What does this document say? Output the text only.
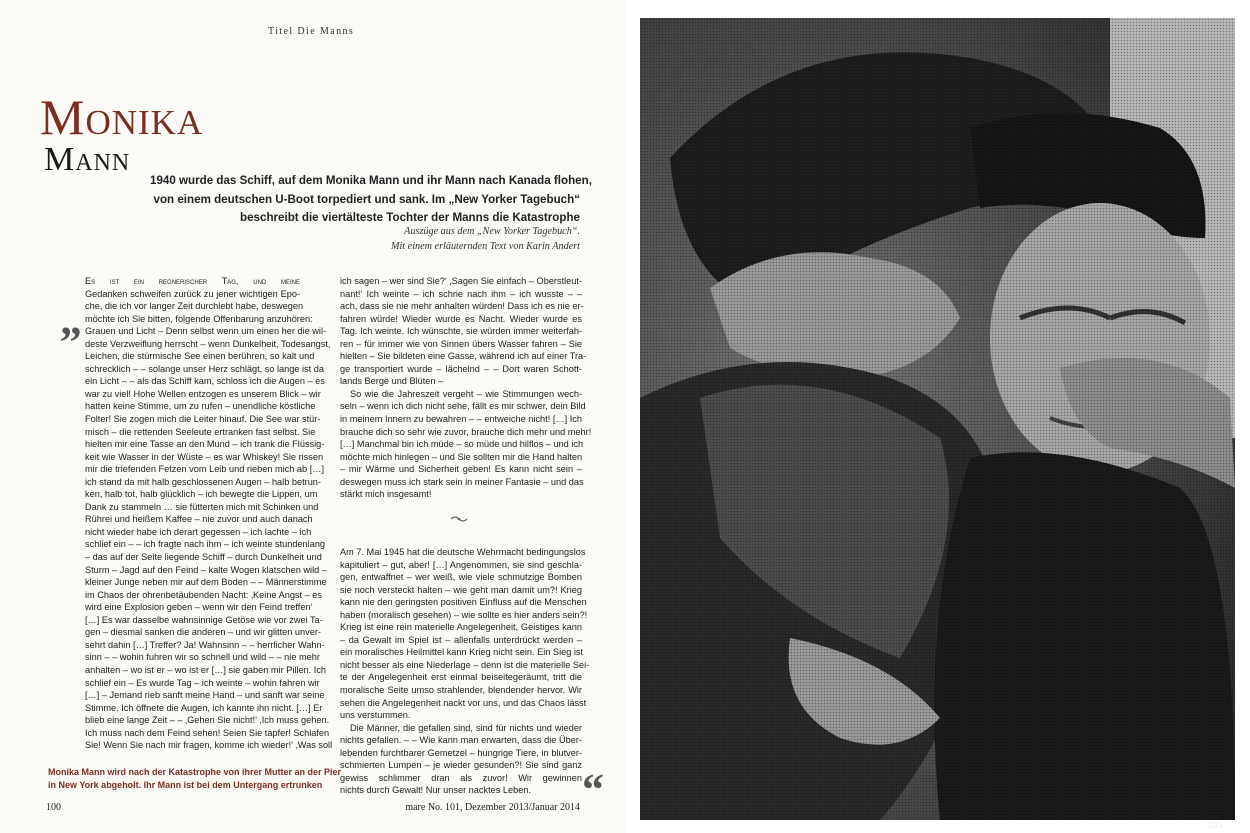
Titel Die Manns
Monika
Mann
1940 wurde das Schiff, auf dem Monika Mann und ihr Mann nach Kanada flohen,
von einem deutschen U-Boot torpediert und sank. Im „New Yorker Tagebuch“
beschreibt die viertälteste Tochter der Manns die Katastrophe
Auszüge aus dem „New Yorker Tagebuch“.
Mit einem erläuternden Text von Karin Andert
„
Es ist ein regnerischer Tag, und meine
Gedanken schweifen zurück zu jener wichtigen Epo-
che, die ich vor langer Zeit durchlebt habe, deswegen
möchte ich Sie bitten, folgende Offenbarung anzuhören:
Grauen und Licht – Denn selbst wenn um einen her die wil-
deste Verzweiflung herrscht – wenn Dunkelheit, Todesangst,
Leichen, die stürmische See einen berühren, so kalt und
schrecklich – – solange unser Herz schlägt, so lange ist da
ein Licht – – als das Schiff kam, schloss ich die Augen – es
war zu viel! Hohe Wellen entzogen es unserem Blick – wir
hatten keine Stimme, um zu rufen – unendliche köstliche
Folter! Sie zogen mich die Leiter hinauf. Die See war stür-
misch – die rettenden Seeleute ertranken fast selbst. Sie
hielten mir eine Tasse an den Mund – ich trank die Flüssig-
keit wie Wasser in der Wüste – es war Whiskey! Sie rissen
mir die triefenden Fetzen vom Leib und rieben mich ab […]
ich stand da mit halb geschlossenen Augen – halb betrun-
ken, halb tot, halb glücklich – ich bewegte die Lippen, um
Dank zu stammeln … sie fütterten mich mit Schinken und
Rührei und heißem Kaffee – nie zuvor und auch danach
nicht wieder habe ich derart gegessen – ich lachte – ich
schlief ein – – ich fragte nach ihm – ich weinte stundenlang
– das auf der Seite liegende Schiff – durch Dunkelheit und
Sturm – Jagd auf den Feind – kalte Wogen klatschen wild –
kleiner Junge neben mir auf dem Boden – – Männerstimme
im Chaos der ohrenbetäubenden Nacht: ‚Keine Angst – es
wird eine Explosion geben – wenn wir den Feind treffen‘
[…] Es war dasselbe wahnsinnige Getöse wie vor zwei Ta-
gen – diesmal sanken die anderen – und wir glitten unver-
sehrt dahin […] Treffer? Ja! Wahnsinn – – herrlicher Wahn-
sinn – – wohin fuhren wir so schnell und wild – – nie mehr
anhalten – wo ist er – wo ist er […] sie gaben mir Pillen. Ich
schlief ein – Es wurde Tag – ich weinte – wohin fahren wir
[…] – Jemand rieb sanft meine Hand – und sanft war seine
Stimme. Ich öffnete die Augen, ich kannte ihn nicht. […] Er
blieb eine lange Zeit – – ‚Gehen Sie nicht!‘ ‚Ich muss gehen.
Ich muss nach dem Feind sehen! Seien Sie tapfer! Schlafen
Sie! Wenn Sie nach mir fragen, komme ich wieder!‘ ‚Was soll
ich sagen – wer sind Sie?‘ ‚Sagen Sie einfach – Oberstleut-
nant!‘ Ich weinte – ich schrie nach ihm – ich wusste – –
ach, dass sie nie mehr anhalten würden! Dass ich es nie er-
fahren würde! Wieder wurde es Nacht. Wieder wurde es
Tag. Ich weinte. Ich wünschte, sie würden immer weiterfah-
ren – für immer wie von Sinnen übers Wasser fahren – Sie
hielten – Sie bildeten eine Gasse, während ich auf einer Tra-
ge transportiert wurde – lächelnd – – Dort waren Schott-
lands Berge und Blüten –
So wie die Jahreszeit vergeht – wie Stimmungen wech-
seln – wenn ich dich nicht sehe, fällt es mir schwer, dein Bild
in meinem Innern zu bewahren – – entweiche nicht! […] Ich
brauche dich so sehr wie zuvor, brauche dich mehr und mehr!
[…] Manchmal bin ich müde – so müde und hilflos – und ich
möchte mich hinlegen – und Sie sollten mir die Hand halten
– mir Wärme und Sicherheit geben! Es kann nicht sein –
deswegen muss ich stark sein in meiner Fantasie – und das
stärkt mich insgesamt!
Am 7. Mai 1945 hat die deutsche Wehrmacht bedingungslos
kapituliert – gut, aber! […] Angenommen, sie sind geschla-
gen, entwaffnet – wer weiß, wie viele schmutzige Bomben
sie noch versteckt halten – wie geht man damit um?! Krieg
kann nie den geringsten positiven Einfluss auf die Menschen
haben (moralisch gesehen) – wie sollte es hier anders sein?!
Krieg ist eine rein materielle Angelegenheit, Geistiges kann
– da Gewalt im Spiel ist – allenfalls unterdrückt werden –
ein moralisches Heilmittel kann Krieg nicht sein. Ein Sieg ist
nicht besser als eine Niederlage – denn ist die materielle Sei-
te der Angelegenheit erst einmal beiseitegeräumt, tritt die
moralische Seite umso strahlender, blendender hervor. Wir
sehen die Angelegenheit nackt vor uns, und das Chaos lässt
uns verstummen.
Die Männer, die gefallen sind, sind für nichts und wieder
nichts gefallen. – – Wie kann man erwarten, dass die Über-
lebenden furchtbarer Gemetzel – hungrige Tiere, in blutver-
schmierten Lumpen – je wieder gesunden?! Sie sind ganz
gewiss schlimmer dran als zuvor! Wir gewinnen
nichts durch Gewalt! Nur unser nacktes Leben.	“
Monika Mann wird nach der Katastrophe von ihrer Mutter an der Pier
in New York abgeholt. Ihr Mann ist bei dem Untergang ertrunken
100	mare No. 101, Dezember 2013/Januar 2014
101
